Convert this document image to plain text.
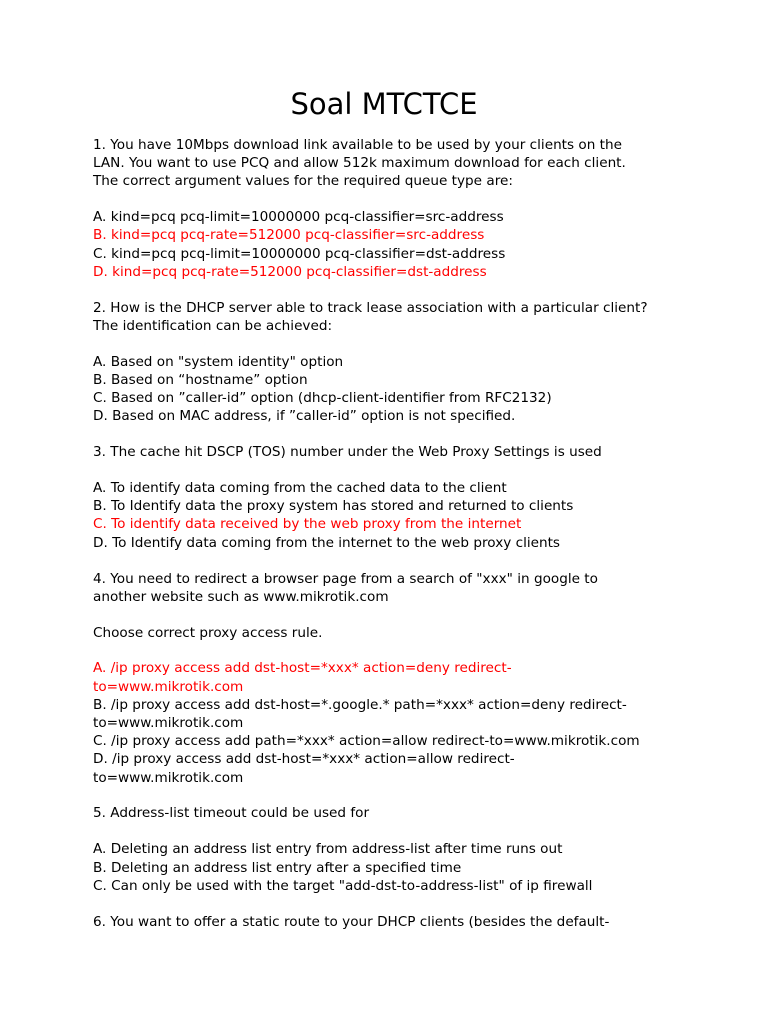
Soal MTCTCE
1. You have 10Mbps download link available to be used by your clients on the
LAN. You want to use PCQ and allow 512k maximum download for each client.
The correct argument values for the required queue type are:
A. kind=pcq pcq-limit=10000000 pcq-classifier=src-address
B. kind=pcq pcq-rate=512000 pcq-classifier=src-address
C. kind=pcq pcq-limit=10000000 pcq-classifier=dst-address
D. kind=pcq pcq-rate=512000 pcq-classifier=dst-address
2. How is the DHCP server able to track lease association with a particular client?
The identification can be achieved:
A. Based on "system identity" option
B. Based on “hostname” option
C. Based on ”caller-id” option (dhcp-client-identifier from RFC2132)
D. Based on MAC address, if ”caller-id” option is not specified.
3. The cache hit DSCP (TOS) number under the Web Proxy Settings is used
A. To identify data coming from the cached data to the client
B. To Identify data the proxy system has stored and returned to clients
C. To identify data received by the web proxy from the internet
D. To Identify data coming from the internet to the web proxy clients
4. You need to redirect a browser page from a search of "xxx" in google to
another website such as www.mikrotik.com
Choose correct proxy access rule.
A. /ip proxy access add dst-host=*xxx* action=deny redirect-
to=www.mikrotik.com
B. /ip proxy access add dst-host=*.google.* path=*xxx* action=deny redirect-
to=www.mikrotik.com
C. /ip proxy access add path=*xxx* action=allow redirect-to=www.mikrotik.com
D. /ip proxy access add dst-host=*xxx* action=allow redirect-
to=www.mikrotik.com
5. Address-list timeout could be used for
A. Deleting an address list entry from address-list after time runs out
B. Deleting an address list entry after a specified time
C. Can only be used with the target "add-dst-to-address-list" of ip firewall
6. You want to offer a static route to your DHCP clients (besides the default-
